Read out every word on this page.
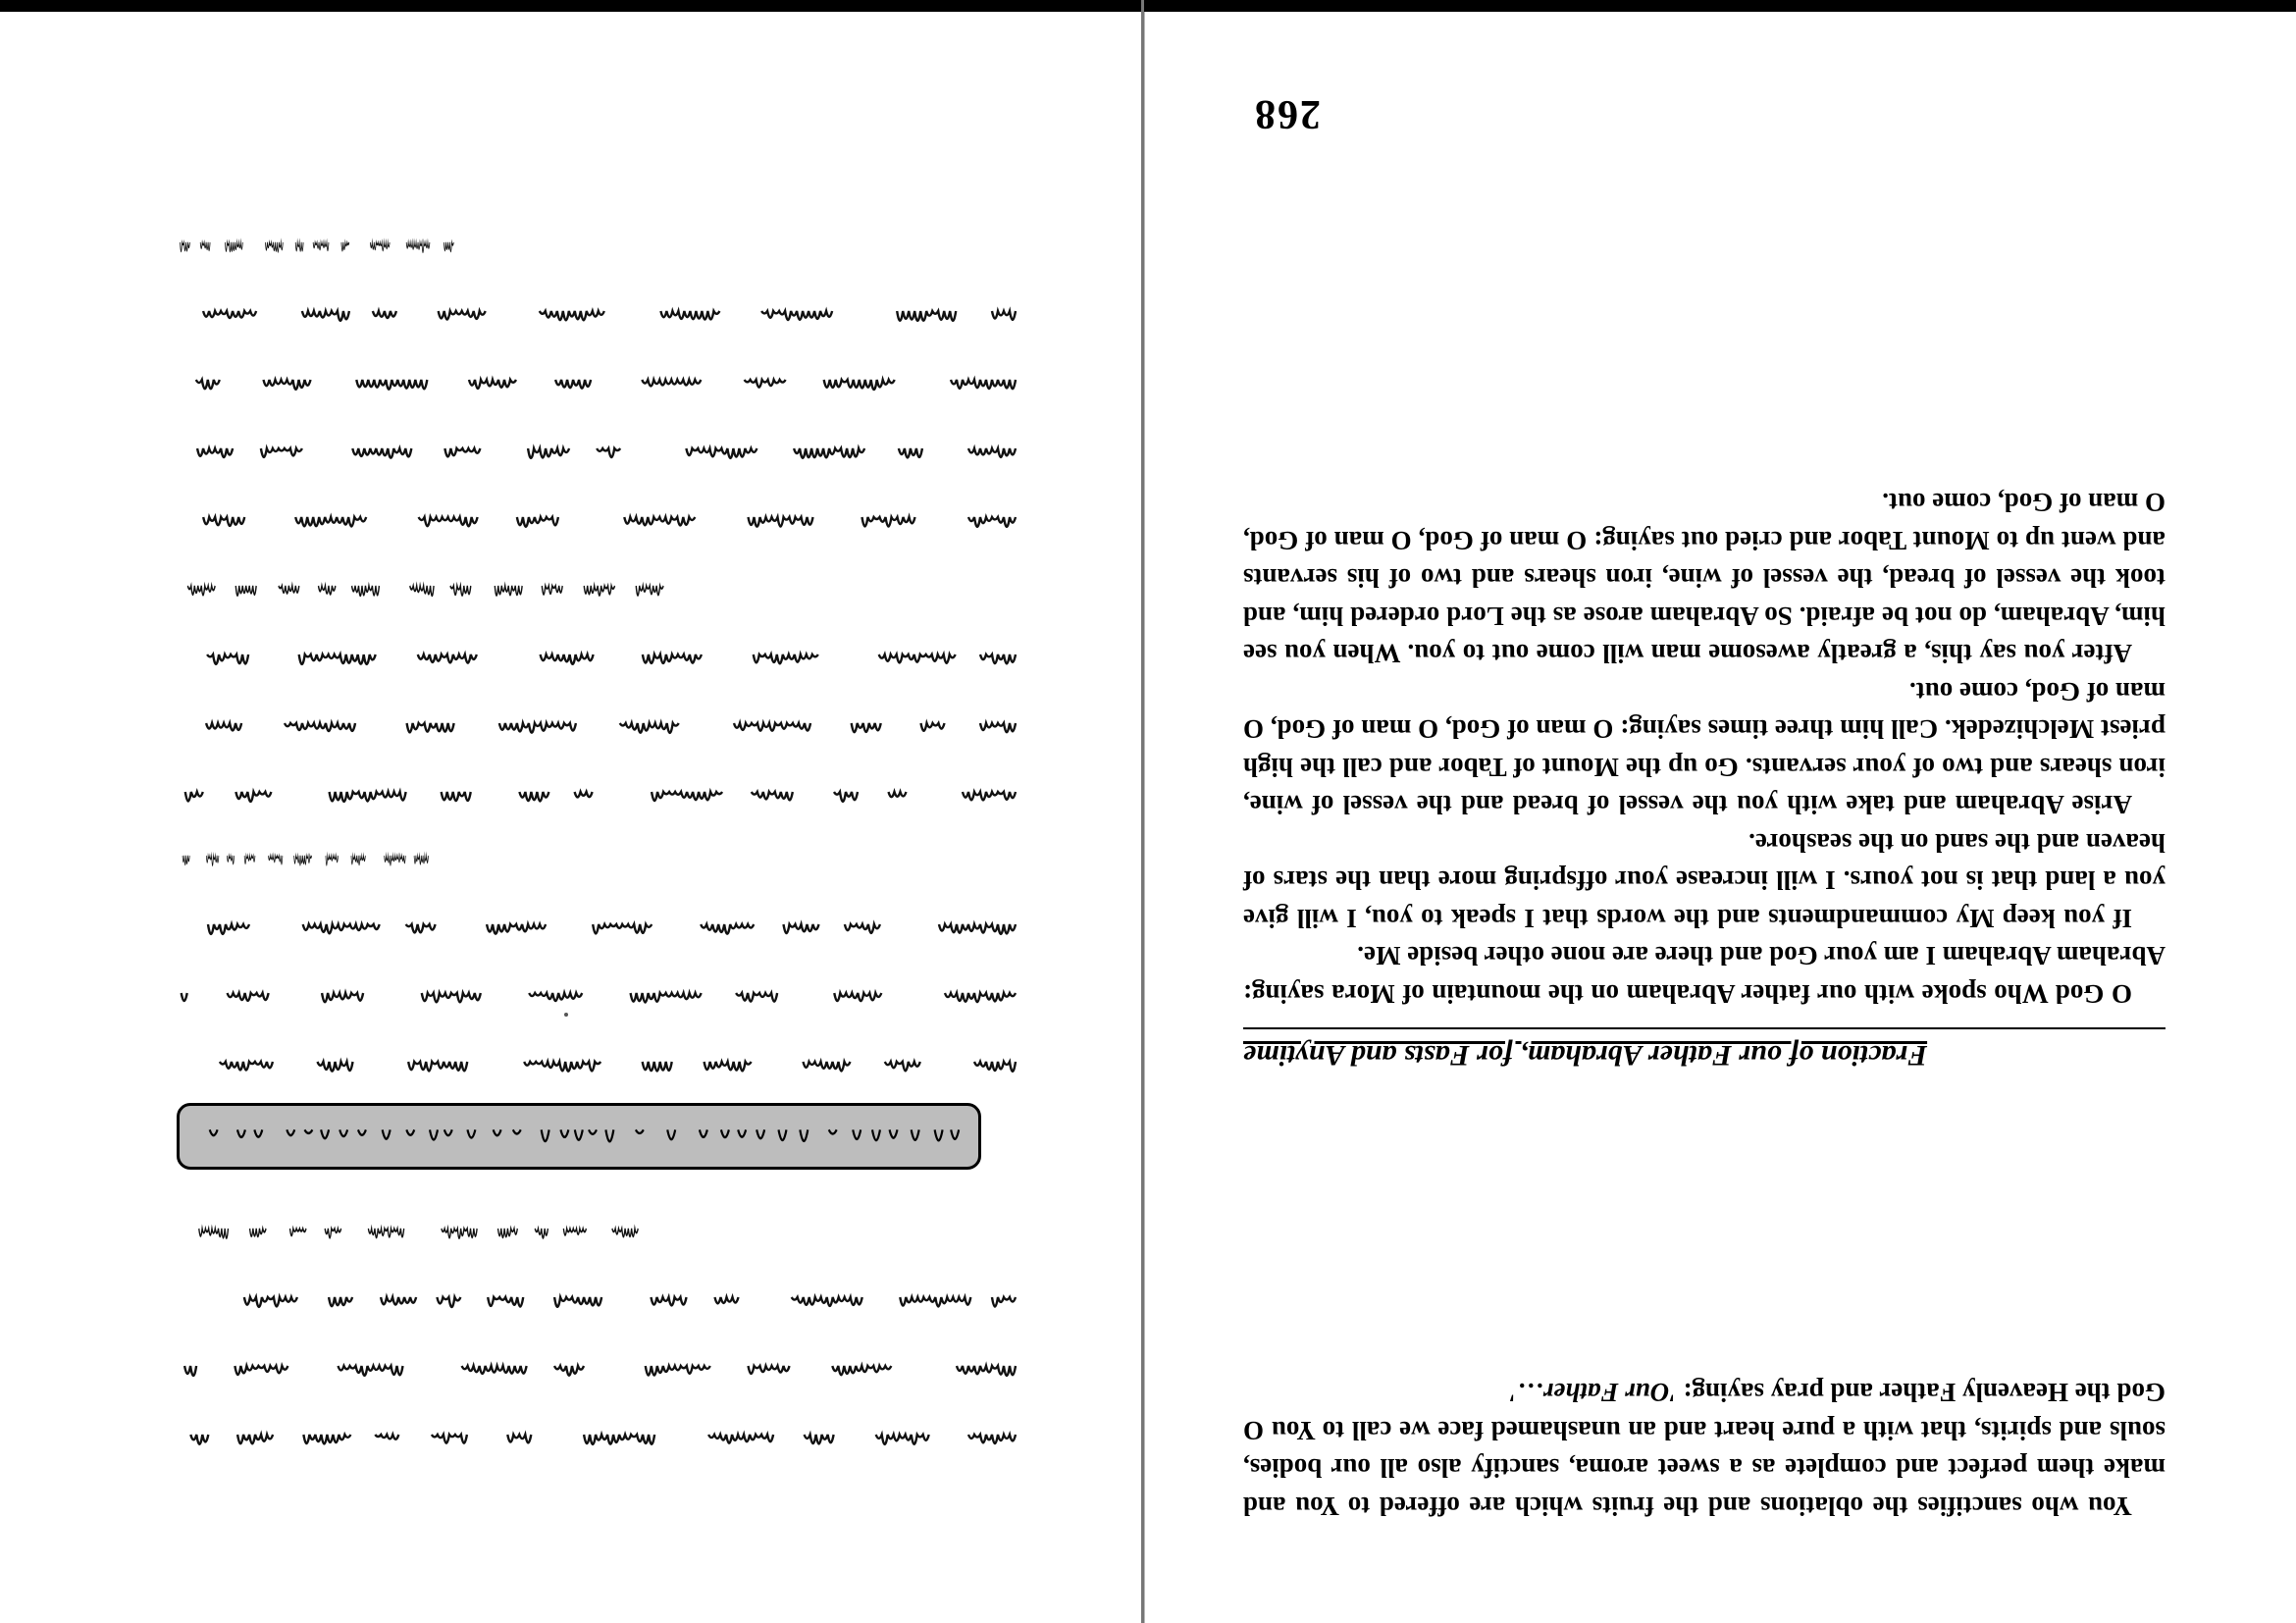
You who sanctifies the oblations and the fruits which are offered to You and make them perfect and complete as a sweet aroma, sanctify also all our bodies, souls and spirits, that with a pure heart and an unashamed face we call to You O God the Heavenly Father and pray saying: 'Our Father…'

Fraction of our Father Abraham, for Fasts and Anytime

O God Who spoke with our father Abraham on the mountain of Mora saying: Abraham Abraham I am your God and there are none other beside Me.

If you keep My commandments and the words that I speak to you, I will give you a land that is not yours. I will increase your offspring more than the stars of heaven and the sand on the seashore.

Arise Abraham and take with you the vessel of bread and the vessel of wine, iron shears and two of your servants. Go up the Mount of Tabor and call the high priest Melchizedek. Call him three times saying: O man of God, O man of God, O man of God, come out.

After you say this, a greatly awesome man will come out to you. When you see him, Abraham, do not be afraid. So Abraham arose as the Lord ordered him, and took the vessel of bread, the vessel of wine, iron shears and two of his servants and went up to Mount Tabor and cried out saying: O man of God, O man of God, O man of God, come out.

268
